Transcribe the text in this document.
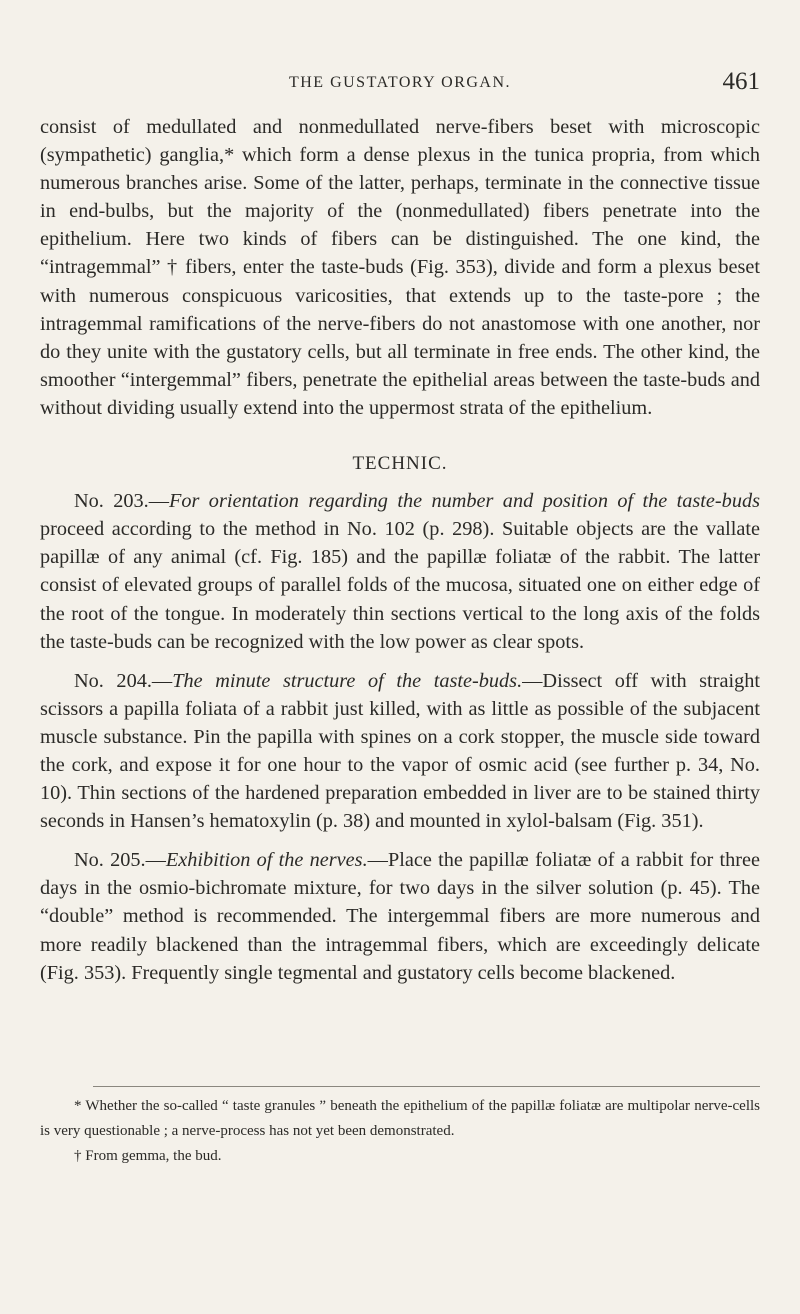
THE GUSTATORY ORGAN.	461

consist of medullated and nonmedullated nerve-fibers beset with microscopic (sympathetic) ganglia,* which form a dense plexus in the tunica propria, from which numerous branches arise. Some of the latter, perhaps, terminate in the connective tissue in end-bulbs, but the majority of the (nonmedullated) fibers penetrate into the epithelium. Here two kinds of fibers can be distinguished. The one kind, the “intragemmal” † fibers, enter the taste-buds (Fig. 353), divide and form a plexus beset with numerous conspicuous varicosities, that extends up to the taste-pore ; the intragemmal ramifications of the nerve-fibers do not anastomose with one another, nor do they unite with the gustatory cells, but all terminate in free ends. The other kind, the smoother “intergemmal” fibers, penetrate the epithelial areas between the taste-buds and without dividing usually extend into the uppermost strata of the epithelium.

TECHNIC.

No. 203.—For orientation regarding the number and position of the taste-buds proceed according to the method in No. 102 (p. 298). Suitable objects are the vallate papillæ of any animal (cf. Fig. 185) and the papillæ foliatæ of the rabbit. The latter consist of elevated groups of parallel folds of the mucosa, situated one on either edge of the root of the tongue. In moderately thin sections vertical to the long axis of the folds the taste-buds can be recognized with the low power as clear spots.

No. 204.—The minute structure of the taste-buds.—Dissect off with straight scissors a papilla foliata of a rabbit just killed, with as little as possible of the subjacent muscle substance. Pin the papilla with spines on a cork stopper, the muscle side toward the cork, and expose it for one hour to the vapor of osmic acid (see further p. 34, No. 10). Thin sections of the hardened preparation embedded in liver are to be stained thirty seconds in Hansen’s hematoxylin (p. 38) and mounted in xylol-balsam (Fig. 351).

No. 205.—Exhibition of the nerves.—Place the papillæ foliatæ of a rabbit for three days in the osmio-bichromate mixture, for two days in the silver solution (p. 45). The “double” method is recommended. The intergemmal fibers are more numerous and more readily blackened than the intragemmal fibers, which are exceedingly delicate (Fig. 353). Frequently single tegmental and gustatory cells become blackened.

* Whether the so-called “ taste granules ” beneath the epithelium of the papillæ foliatæ are multipolar nerve-cells is very questionable ; a nerve-process has not yet been demonstrated.

† From gemma, the bud.
